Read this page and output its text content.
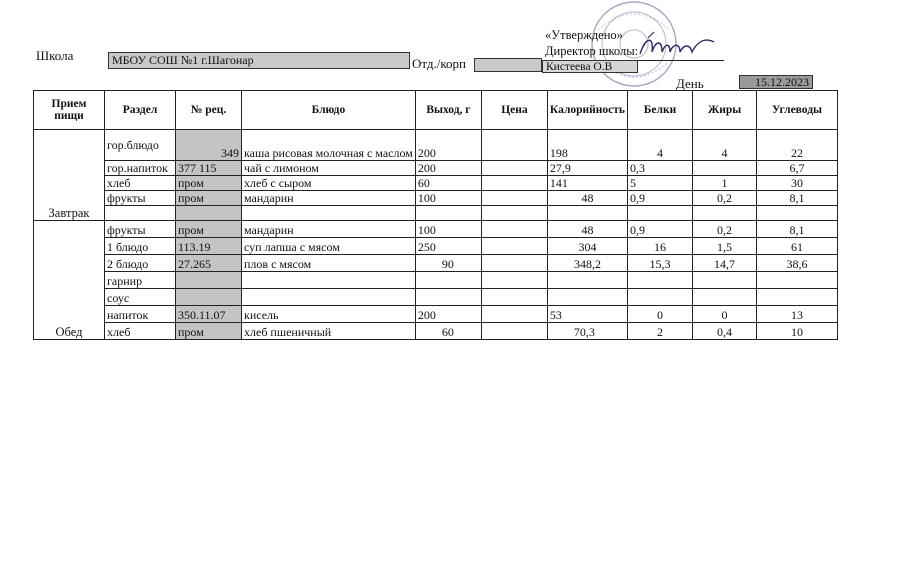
Школа	МБОУ СОШ №1 г.Шагонар	Отд./корп
«Утверждено»
Директор школы:
Кистеева О.В
День	15.12.2023
Прием пищи	Раздел	№ рец.	Блюдо	Выход, г	Цена	Калорийность	Белки	Жиры	Углеводы
Завтрак	гор.блюдо	349	каша рисовая молочная с маслом	200		198	4	4	22
	гор.напиток	377 115	чай с лимоном	200		27,9	0,3		6,7
	хлеб	пром	хлеб с сыром	60		141	5	1	30
	фрукты	пром	мандарин	100		48	0,9	0,2	8,1

Обед	фрукты	пром	мандарин	100		48	0,9	0,2	8,1
	1 блюдо	113.19	суп лапша с мясом	250		304	16	1,5	61
	2 блюдо	27.265	плов с мясом	90		348,2	15,3	14,7	38,6
	гарнир								
	соус								
	напиток	350.11.07	кисель	200		53	0	0	13
	хлеб	пром	хлеб пшеничный	60		70,3	2	0,4	10
